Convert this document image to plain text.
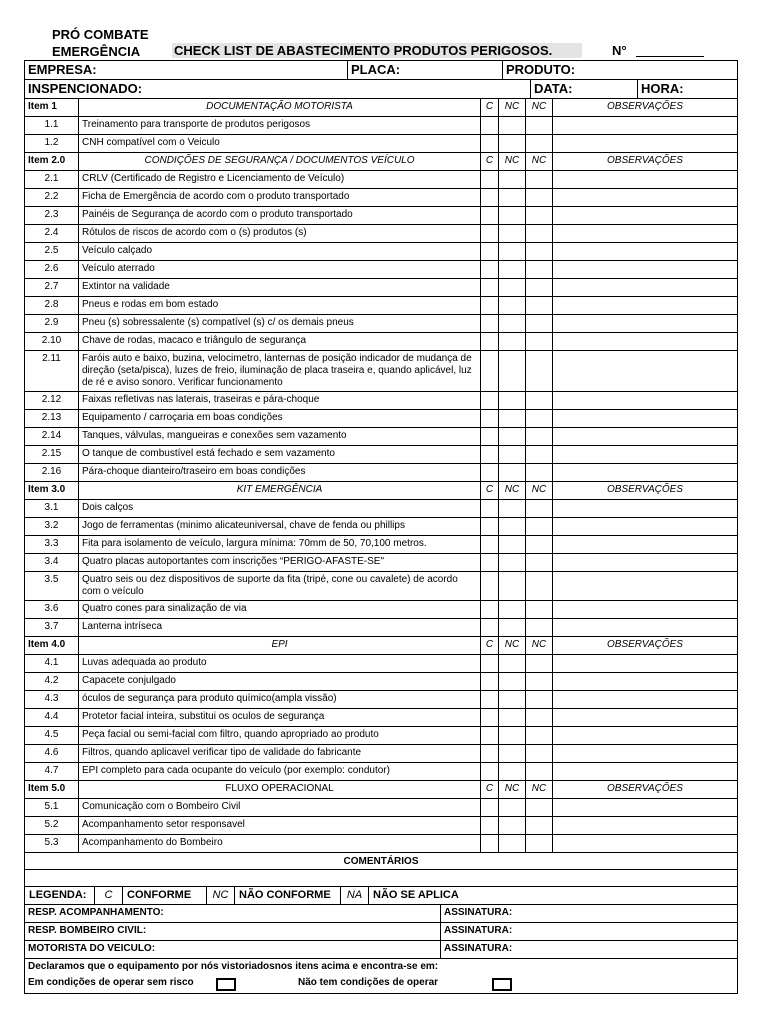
PRÓ COMBATE
EMERGÊNCIA	CHECK LIST DE ABASTECIMENTO PRODUTOS PERIGOSOS.	N°
EMPRESA:	PLACA:	PRODUTO:
INSPENCIONADO:	DATA:	HORA:
Item 1	DOCUMENTAÇÃO MOTORISTA	C	NC	NC	OBSERVAÇÕES
1.1	Treinamento para transporte de produtos perigosos
1.2	CNH compatível com o Veiculo
Item 2.0	CONDIÇÕES DE SEGURANÇA / DOCUMENTOS VEÍCULO	C	NC	NC	OBSERVAÇÕES
2.1	CRLV (Certificado de Registro e Licenciamento de Veículo)
2.2	Ficha de Emergência de acordo com o produto transportado
2.3	Painéis de Segurança de acordo com o produto transportado
2.4	Rótulos de riscos de acordo com o (s) produtos (s)
2.5	Veículo calçado
2.6	Veículo aterrado
2.7	Extintor na validade
2.8	Pneus e rodas em bom estado
2.9	Pneu (s) sobressalente (s) compatível (s) c/ os demais pneus
2.10	Chave de rodas, macaco e triângulo de segurança
2.11	Faróis auto e baixo, buzina, velocimetro, lanternas de posição indicador de mudança de direção (seta/pisca), luzes de freio, iluminação de placa traseira e, quando aplicável, luz de ré e aviso sonoro. Verificar funcionamento
2.12	Faixas refletivas nas laterais, traseiras e pára-choque
2.13	Equipamento / carroçaria em boas condições
2.14	Tanques, válvulas, mangueiras e conexões sem vazamento
2.15	O tanque de combustível está fechado e sem vazamento
2.16	Pára-choque dianteiro/traseiro em boas condições
Item 3.0	KIT EMERGÊNCIA	C	NC	NC	OBSERVAÇÕES
3.1	Dois calços
3.2	Jogo de ferramentas (minimo alicateuniversal, chave de fenda ou phillips
3.3	Fita para isolamento de veículo, largura mínima: 70mm de 50, 70,100 metros.
3.4	Quatro placas autoportantes com inscrições “PERIGO-AFASTE-SE"
3.5	Quatro seis ou dez dispositivos de suporte da fita (tripé, cone ou cavalete) de acordo com o veículo
3.6	Quatro cones para sinalização de via
3.7	Lanterna intríseca
Item 4.0	EPI	C	NC	NC	OBSERVAÇÕES
4.1	Luvas adequada ao produto
4.2	Capacete conjulgado
4.3	óculos de segurança para produto químico(ampla vissão)
4.4	Protetor facial inteira, substitui os oculos de segurança
4.5	Peça facial ou semi-facial com filtro, quando apropriado ao produto
4.6	Filtros, quando aplicavel verificar tipo de validade do fabricante
4.7	EPI completo para cada ocupante do veículo (por exemplo: condutor)
Item 5.0	FLUXO OPERACIONAL	C	NC	NC	OBSERVAÇÕES
5.1	Comunicação com o Bombeiro Civil
5.2	Acompanhamento setor responsavel
5.3	Acompanhamento do Bombeiro
COMENTÁRIOS
LEGENDA:	C	CONFORME	NC NÃO CONFORME	NA NÃO SE APLICA
RESP. ACOMPANHAMENTO:	ASSINATURA:
RESP. BOMBEIRO CIVIL:	ASSINATURA:
MOTORISTA DO VEICULO:	ASSINATURA:
Declaramos que o equipamento por nós vistoriadosnos itens acima e encontra-se em:
Em condições de operar sem risco	Não tem condições de operar
